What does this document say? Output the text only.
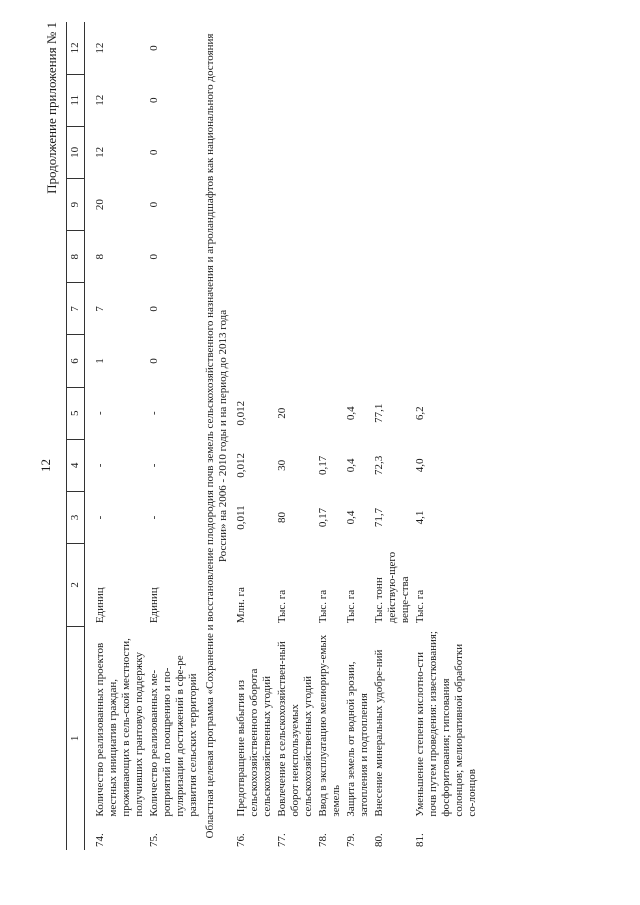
12
Продолжение приложения № 1
1		2	3	4	5	6	7	8	9	10	11	12
74.	Количество реализованных проектов местных инициатив граждан, проживающих в сель-ской местности, получивших грантовую поддержку	Единиц	-	-	-	1	7	8	20	12	12	12
75.	Количество реализованных ме-роприятий по поощрению и по-пуляризации достижений в сфе-ре развития сельских территорий	Единиц	-	-	-	0	0	0	0	0	0	0
Областная целевая программа «Сохранение и восстановление плодородия почв земель сельскохозяйственного назначения и агроландшафтов как национального достояния России» на 2006 - 2010 годы и на период до 2013 года												
76.	Предотвращение выбытия из сельскохозяйственного оборота сельскохозяйственных угодий	Млн. га	0,011	0,012	0,012							
77.	Вовлечение в сельскохозяйствен-ный оборот неиспользуемых сельскохозяйственных угодий	Тыс. га	80	30	20							
78.	Ввод в эксплуатацию мелиориру-емых земель	Тыс. га	0,17	0,17								
79.	Защита земель от водной эрозии, затопления и подтопления	Тыс. га	0,4	0,4	0,4							
80.	Внесение минеральных удобре-ний	Тыс. тонн действую-щего веще-ства	71,7	72,3	77,1							
81.	Уменьшение степени кислотно-сти почв путем проведения: известкования; фосфоритования; гипсования солонцов; мелиоративной обработки со-лонцов	Тыс. га	4,1	4,0	6,2							
